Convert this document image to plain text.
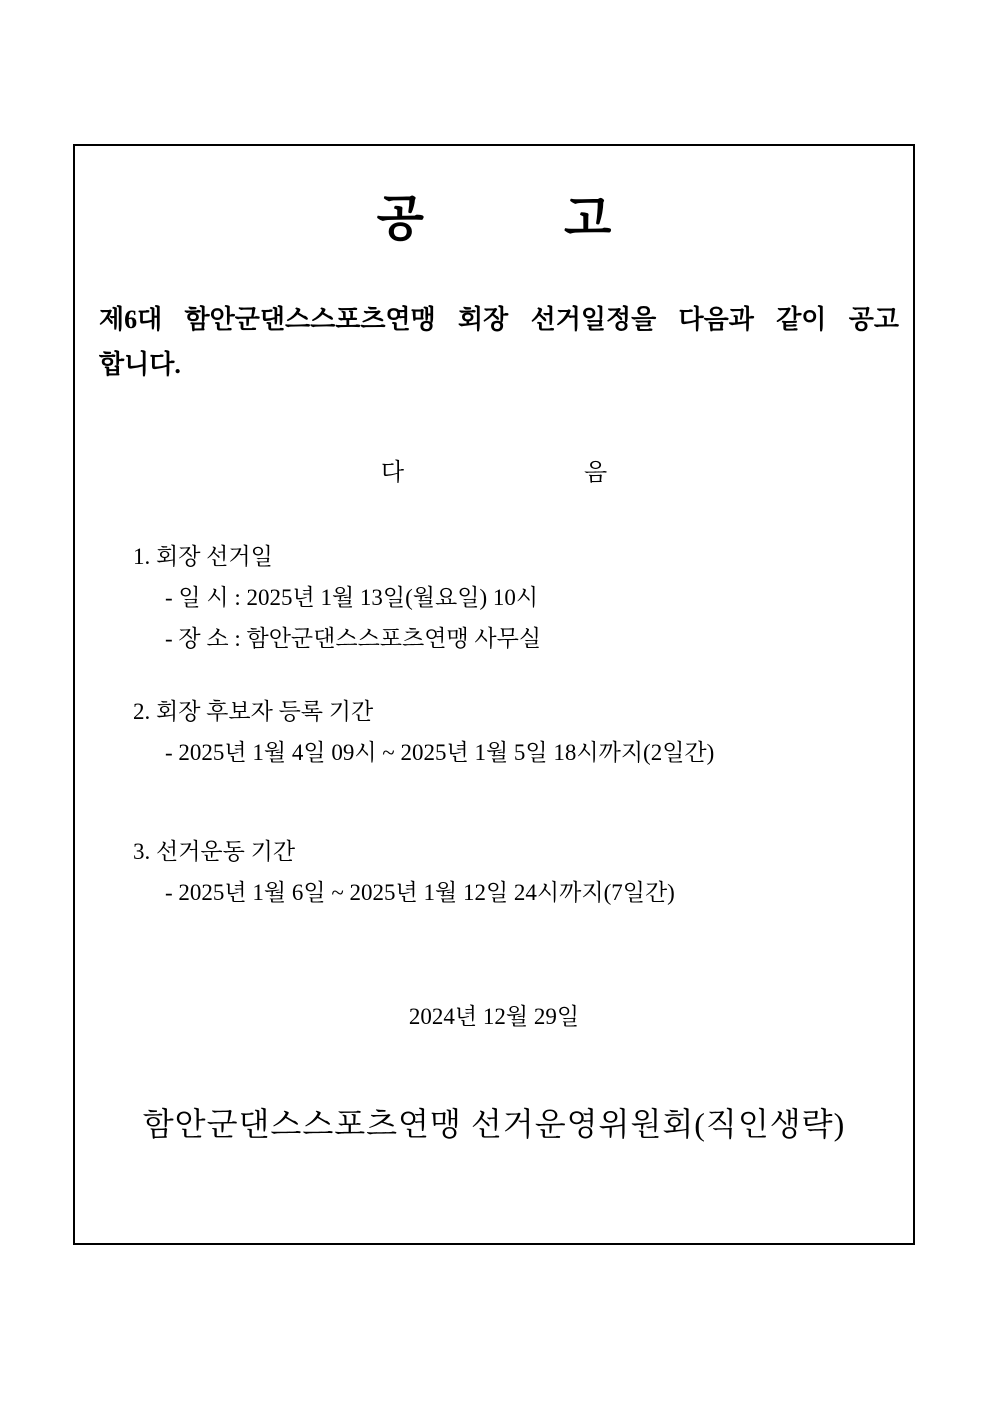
공	고
제6대 함안군댄스스포츠연맹 회장 선거일정을 다음과 같이 공고
합니다.
다	음
1. 회장 선거일
- 일 시 : 2025년 1월 13일(월요일) 10시
- 장 소 : 함안군댄스스포츠연맹 사무실
2. 회장 후보자 등록 기간
- 2025년 1월 4일 09시 ~ 2025년 1월 5일 18시까지(2일간)
3. 선거운동 기간
- 2025년 1월 6일 ~ 2025년 1월 12일 24시까지(7일간)
2024년 12월 29일
함안군댄스스포츠연맹 선거운영위원회(직인생략)
